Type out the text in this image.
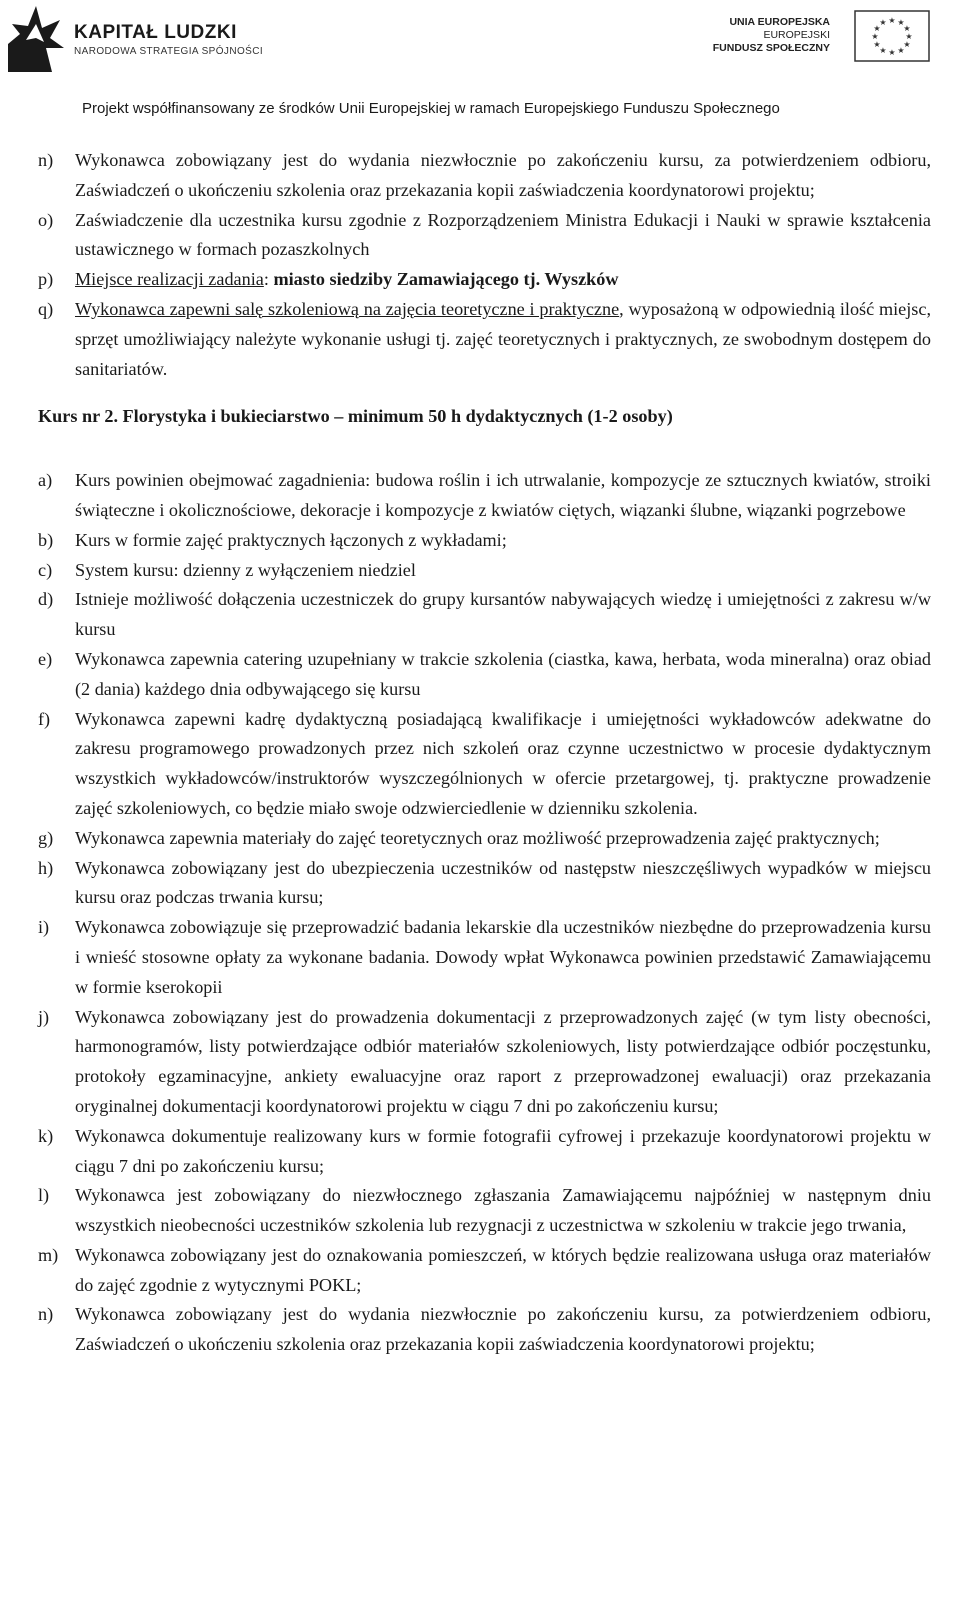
KAPITAŁ LUDZKI
NARODOWA STRATEGIA SPÓJNOŚCI
UNIA EUROPEJSKA
EUROPEJSKI
FUNDUSZ SPOŁECZNY
★ ★
★
★
★
★
★
★
★
★
★
★
Projekt współfinansowany ze środków Unii Europejskiej w ramach Europejskiego Funduszu Społecznego
n)	Wykonawca zobowiązany jest do wydania niezwłocznie po zakończeniu kursu, za potwierdzeniem odbioru, Zaświadczeń o ukończeniu szkolenia oraz przekazania kopii zaświadczenia koordynatorowi projektu;
o)	Zaświadczenie dla uczestnika kursu zgodnie z Rozporządzeniem Ministra Edukacji i Nauki w sprawie kształcenia ustawicznego w formach pozaszkolnych
p)	Miejsce realizacji zadania: miasto siedziby Zamawiającego tj. Wyszków
q)	Wykonawca zapewni salę szkoleniową na zajęcia teoretyczne i praktyczne, wyposażoną w odpowiednią ilość miejsc, sprzęt umożliwiający należyte wykonanie usługi tj. zajęć teoretycznych i praktycznych, ze swobodnym dostępem do sanitariatów.
Kurs nr 2. Florystyka i bukieciarstwo – minimum 50 h dydaktycznych (1-2 osoby)
a)	Kurs powinien obejmować zagadnienia: budowa roślin i ich utrwalanie, kompozycje ze sztucznych kwiatów, stroiki świąteczne i okolicznościowe, dekoracje i kompozycje z kwiatów ciętych, wiązanki ślubne, wiązanki pogrzebowe
b)	Kurs w formie zajęć praktycznych łączonych z wykładami;
c)	System kursu: dzienny z wyłączeniem niedziel
d)	Istnieje możliwość dołączenia uczestniczek do grupy kursantów nabywających wiedzę i umiejętności z zakresu w/w kursu
e)	Wykonawca zapewnia catering uzupełniany w trakcie szkolenia (ciastka, kawa, herbata, woda mineralna) oraz obiad (2 dania) każdego dnia odbywającego się kursu
f)	Wykonawca zapewni kadrę dydaktyczną posiadającą kwalifikacje i umiejętności wykładowców adekwatne do zakresu programowego prowadzonych przez nich szkoleń oraz czynne uczestnictwo w procesie dydaktycznym wszystkich wykładowców/instruktorów wyszczególnionych w ofercie przetargowej, tj. praktyczne prowadzenie zajęć szkoleniowych, co będzie miało swoje odzwierciedlenie w dzienniku szkolenia.
g)	Wykonawca zapewnia materiały do zajęć teoretycznych oraz możliwość przeprowadzenia zajęć praktycznych;
h)	Wykonawca zobowiązany jest do ubezpieczenia uczestników od następstw nieszczęśliwych wypadków w miejscu kursu oraz podczas trwania kursu;
i)	Wykonawca zobowiązuje się przeprowadzić badania lekarskie dla uczestników niezbędne do przeprowadzenia kursu i wnieść stosowne opłaty za wykonane badania. Dowody wpłat Wykonawca powinien przedstawić Zamawiającemu w formie kserokopii
j)	Wykonawca zobowiązany jest do prowadzenia dokumentacji z przeprowadzonych zajęć (w tym listy obecności, harmonogramów, listy potwierdzające odbiór materiałów szkoleniowych, listy potwierdzające odbiór poczęstunku, protokoły egzaminacyjne, ankiety ewaluacyjne oraz raport z przeprowadzonej ewaluacji) oraz przekazania oryginalnej dokumentacji koordynatorowi projektu w ciągu 7 dni po zakończeniu kursu;
k)	Wykonawca dokumentuje realizowany kurs w formie fotografii cyfrowej i przekazuje koordynatorowi projektu w ciągu 7 dni po zakończeniu kursu;
l)	Wykonawca jest zobowiązany do niezwłocznego zgłaszania Zamawiającemu najpóźniej w następnym dniu wszystkich nieobecności uczestników szkolenia lub rezygnacji z uczestnictwa w szkoleniu w trakcie jego trwania,
m) Wykonawca zobowiązany jest do oznakowania pomieszczeń, w których będzie realizowana usługa oraz materiałów do zajęć zgodnie z wytycznymi POKL;
n)	Wykonawca zobowiązany jest do wydania niezwłocznie po zakończeniu kursu, za potwierdzeniem odbioru, Zaświadczeń o ukończeniu szkolenia oraz przekazania kopii zaświadczenia koordynatorowi projektu;
